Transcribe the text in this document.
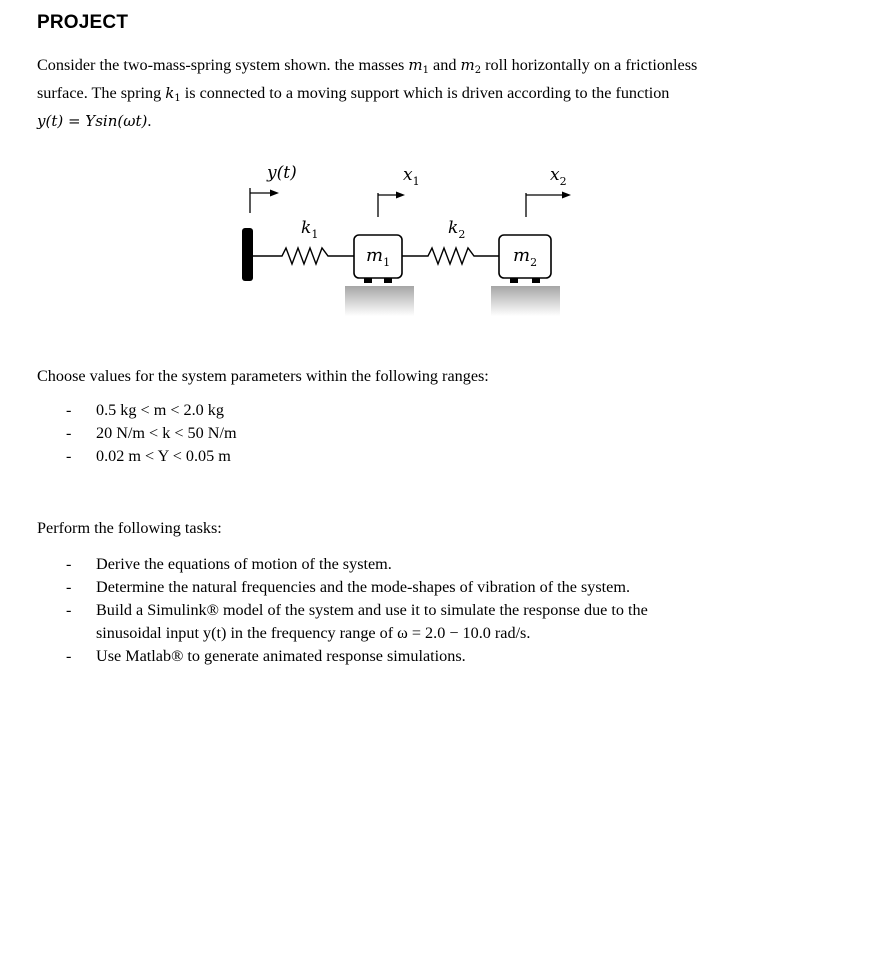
PROJECT
Consider the two-mass-spring system shown. the masses $m_1$ and $m_2$ roll horizontally on a frictionless
surface. The spring $k_1$ is connected to a moving support which is driven according to the function
y(t) = Ysin(ωt).
y(t)	$x_1$	$x_2$
$k_1$	$k_2$
$m_1$	$m_2$
Choose values for the system parameters within the following ranges:
- 0.5 kg < m < 2.0 kg
- 20 N/m < k < 50 N/m
- 0.02 m < Y < 0.05 m
Perform the following tasks:
- Derive the equations of motion of the system.
- Determine the natural frequencies and the mode-shapes of vibration of the system.
- Build a Simulink® model of the system and use it to simulate the response due to the
sinusoidal input y(t) in the frequency range of ω = 2.0 − 10.0 rad/s.
- Use Matlab® to generate animated response simulations.
